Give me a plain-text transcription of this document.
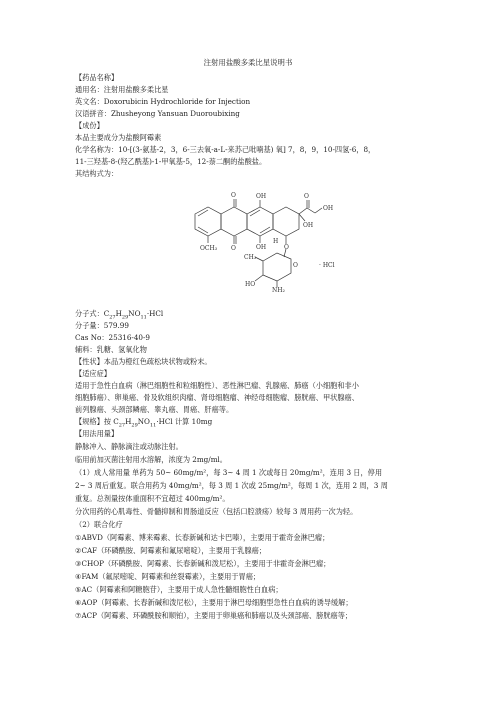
注射用盐酸多柔比星说明书
【药品名称】
通用名：注射用盐酸多柔比星
英文名：Doxorubicin Hydrochloride for Injection
汉语拼音：Zhusheyong Yansuan Duoroubixing
【成份】
本品主要成分为盐酸阿霉素
化学名称为：10-[(3-氨基-2，3，6-三去氧-a-L-来苏己吡喃基) 氧] 7，8，9，10-四氢-6，8，
11-三羟基-8-(羟乙酰基)-1-甲氧基-5，12-萘二酮的盐酸盐。
其结构式为：
O	OH	O
OH
OH
OCH₃ O	OH
H
O
O
CH₃
· HCl
HO
NH₂
分子式：$C_{27}H_{29}NO_{11}\cdot HCl$
分子量：579.99
Cas No：25316-40-9
辅料：乳糖、氢氧化物
【性状】本品为橙红色疏松块状物或粉末。
【适应症】
适用于急性白血病（淋巴细胞性和粒细胞性）、恶性淋巴瘤、乳腺癌、肺癌（小细胞和非小
细胞肺癌）、卵巢癌、骨及软组织肉瘤、肾母细胞瘤、神经母细胞瘤、膀胱癌、甲状腺癌、
前列腺癌、头颈部鳞癌、睾丸癌、胃癌、肝癌等。
【规格】按 $C_{27}H_{29}NO_{11}\cdot HCl$ 计算 10mg
【用法用量】
静脉冲入、静脉滴注或动脉注射。
临用前加灭菌注射用水溶解，浓度为 2mg/ml。
（1）成人常用量 单药为 50~ 60mg/m²，每 3~ 4 周 1 次或每日 20mg/m²，连用 3 日，停用
2~ 3 周后重复。联合用药为 40mg/m²，每 3 周 1 次或 25mg/m²，每周 1 次，连用 2 周，3 周
重复。总剂量按体重面积不宜超过 400mg/m²。
分次用药的心肌毒性、骨髓抑制和胃肠道反应（包括口腔溃疡）较每 3 周用药一次为轻。
（2）联合化疗
①ABVD（阿霉素、博来霉素、长春新碱和达卡巴嗪），主要用于霍奇金淋巴瘤；
②CAF（环磷酰胺、阿霉素和氟尿嘧啶），主要用于乳腺癌；
③CHOP（环磷酰胺、阿霉素、长春新碱和泼尼松），主要用于非霍奇金淋巴瘤；
④FAM（氟尿嘧啶、阿霉素和丝裂霉素），主要用于胃癌；
⑤AC（阿霉素和阿糖胞苷），主要用于成人急性髓细胞性白血病；
⑥AOP（阿霉素、长春新碱和泼尼松），主要用于淋巴母细胞型急性白血病的诱导缓解；
⑦ACP（阿霉素、环磷酰胺和顺铂），主要用于卵巢癌和肺癌以及头颈部癌、膀胱癌等；
